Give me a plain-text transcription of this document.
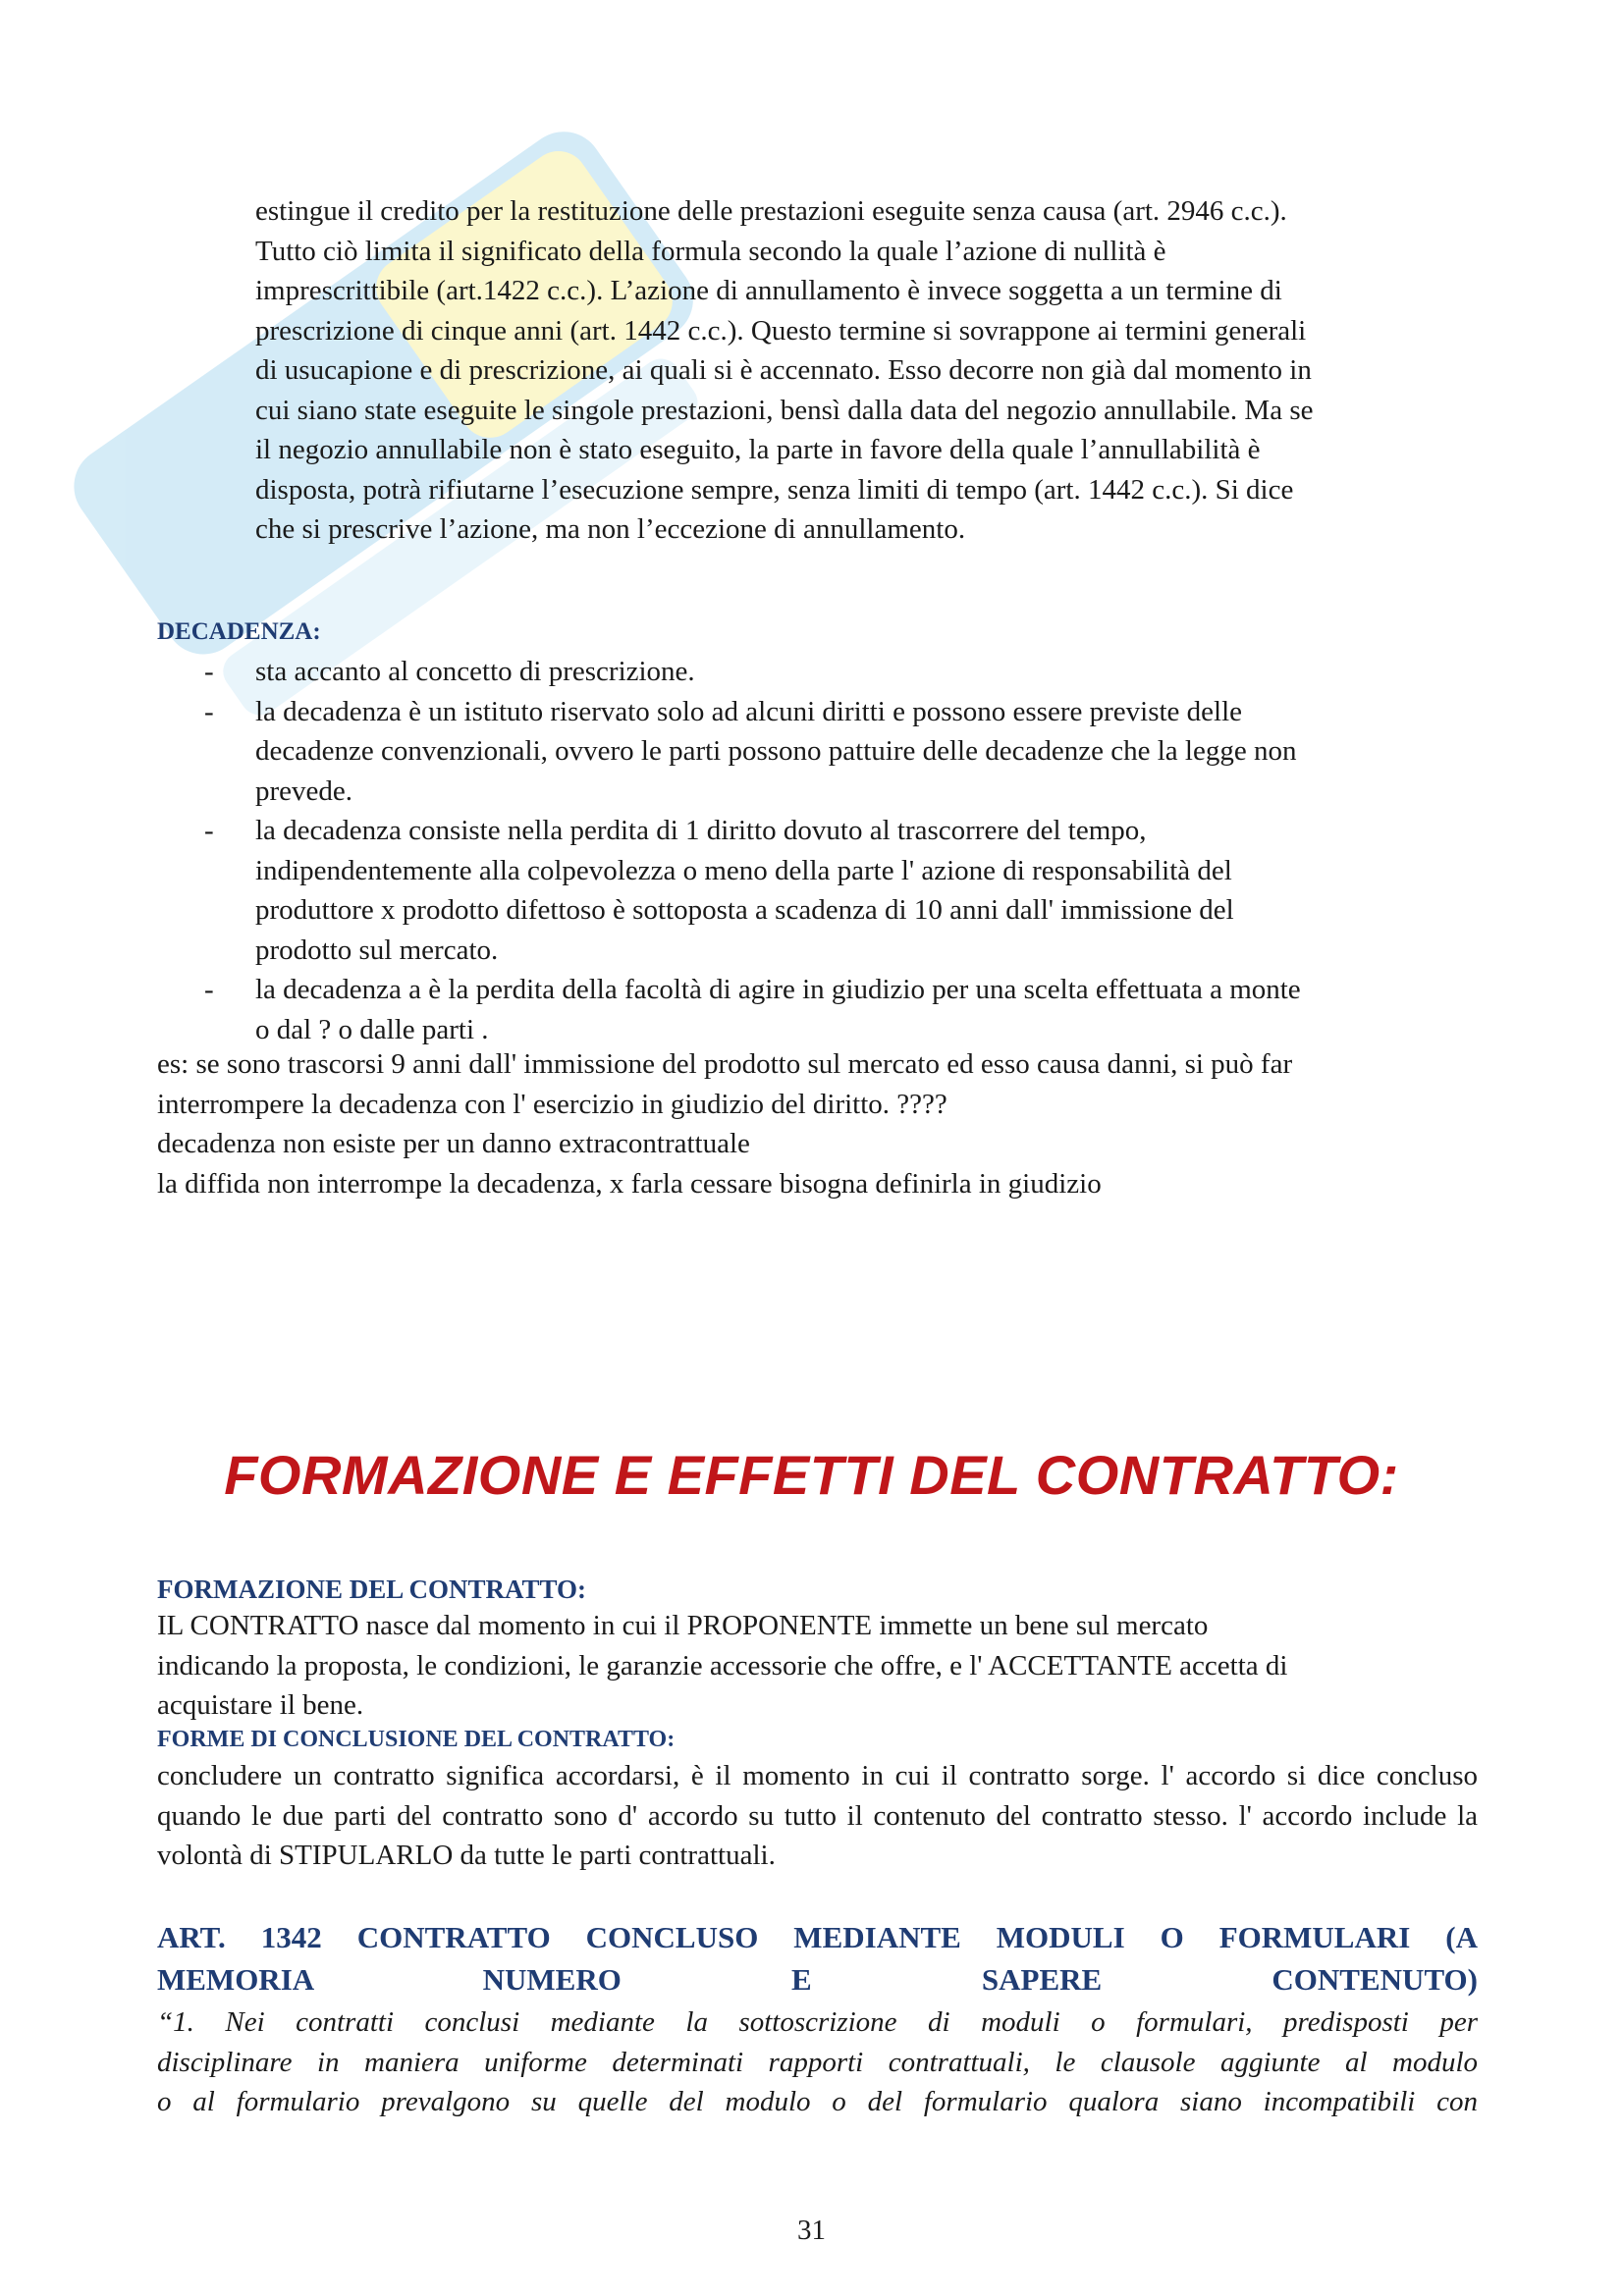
estingue il credito per la restituzione delle prestazioni eseguite senza causa (art. 2946 c.c.).
Tutto ciò limita il significato della formula secondo la quale l’azione di nullità è
imprescrittibile (art.1422 c.c.). L’azione di annullamento è invece soggetta a un termine di
prescrizione di cinque anni (art. 1442 c.c.). Questo termine si sovrappone ai termini generali
di usucapione e di prescrizione, ai quali si è accennato. Esso decorre non già dal momento in
cui siano state eseguite le singole prestazioni, bensì dalla data del negozio annullabile. Ma se
il negozio annullabile non è stato eseguito, la parte in favore della quale l’annullabilità è
disposta, potrà rifiutarne l’esecuzione sempre, senza limiti di tempo (art. 1442 c.c.). Si dice
che si prescrive l’azione, ma non l’eccezione di annullamento.

DECADENZA:

- sta accanto al concetto di prescrizione.
- la decadenza è un istituto riservato solo ad alcuni diritti e possono essere previste delle
decadenze convenzionali, ovvero le parti possono pattuire delle decadenze che la legge non
prevede.
- la decadenza consiste nella perdita di 1 diritto dovuto al trascorrere del tempo,
indipendentemente alla colpevolezza o meno della parte l' azione di responsabilità del
produttore x prodotto difettoso è sottoposta a scadenza di 10 anni dall' immissione del
prodotto sul mercato.
- la decadenza a è la perdita della facoltà di agire in giudizio per una scelta effettuata a monte
o dal ? o dalle parti .

es: se sono trascorsi 9 anni dall' immissione del prodotto sul mercato ed esso causa danni, si può far
interrompere la decadenza con l' esercizio in giudizio del diritto. ????
decadenza non esiste per un danno extracontrattuale
la diffida non interrompe la decadenza, x farla cessare bisogna definirla in giudizio

FORMAZIONE E EFFETTI DEL CONTRATTO:

FORMAZIONE DEL CONTRATTO:

IL CONTRATTO nasce dal momento in cui il PROPONENTE immette un bene sul mercato
indicando la proposta, le condizioni, le garanzie accessorie che offre, e l' ACCETTANTE accetta di
acquistare il bene.

FORME DI CONCLUSIONE DEL CONTRATTO:

concludere un contratto significa accordarsi, è il momento in cui il contratto sorge. l' accordo si dice concluso quando le due parti del contratto sono d' accordo su tutto il contenuto del contratto stesso. l' accordo include la volontà di STIPULARLO da tutte le parti contrattuali.

ART. 1342 CONTRATTO CONCLUSO MEDIANTE MODULI O FORMULARI (A
MEMORIA NUMERO E SAPERE CONTENUTO)

“1. Nei contratti conclusi mediante la sottoscrizione di moduli o formulari, predisposti per
disciplinare in maniera uniforme determinati rapporti contrattuali, le clausole aggiunte al modulo
o al formulario prevalgono su quelle del modulo o del formulario qualora siano incompatibili con

31
